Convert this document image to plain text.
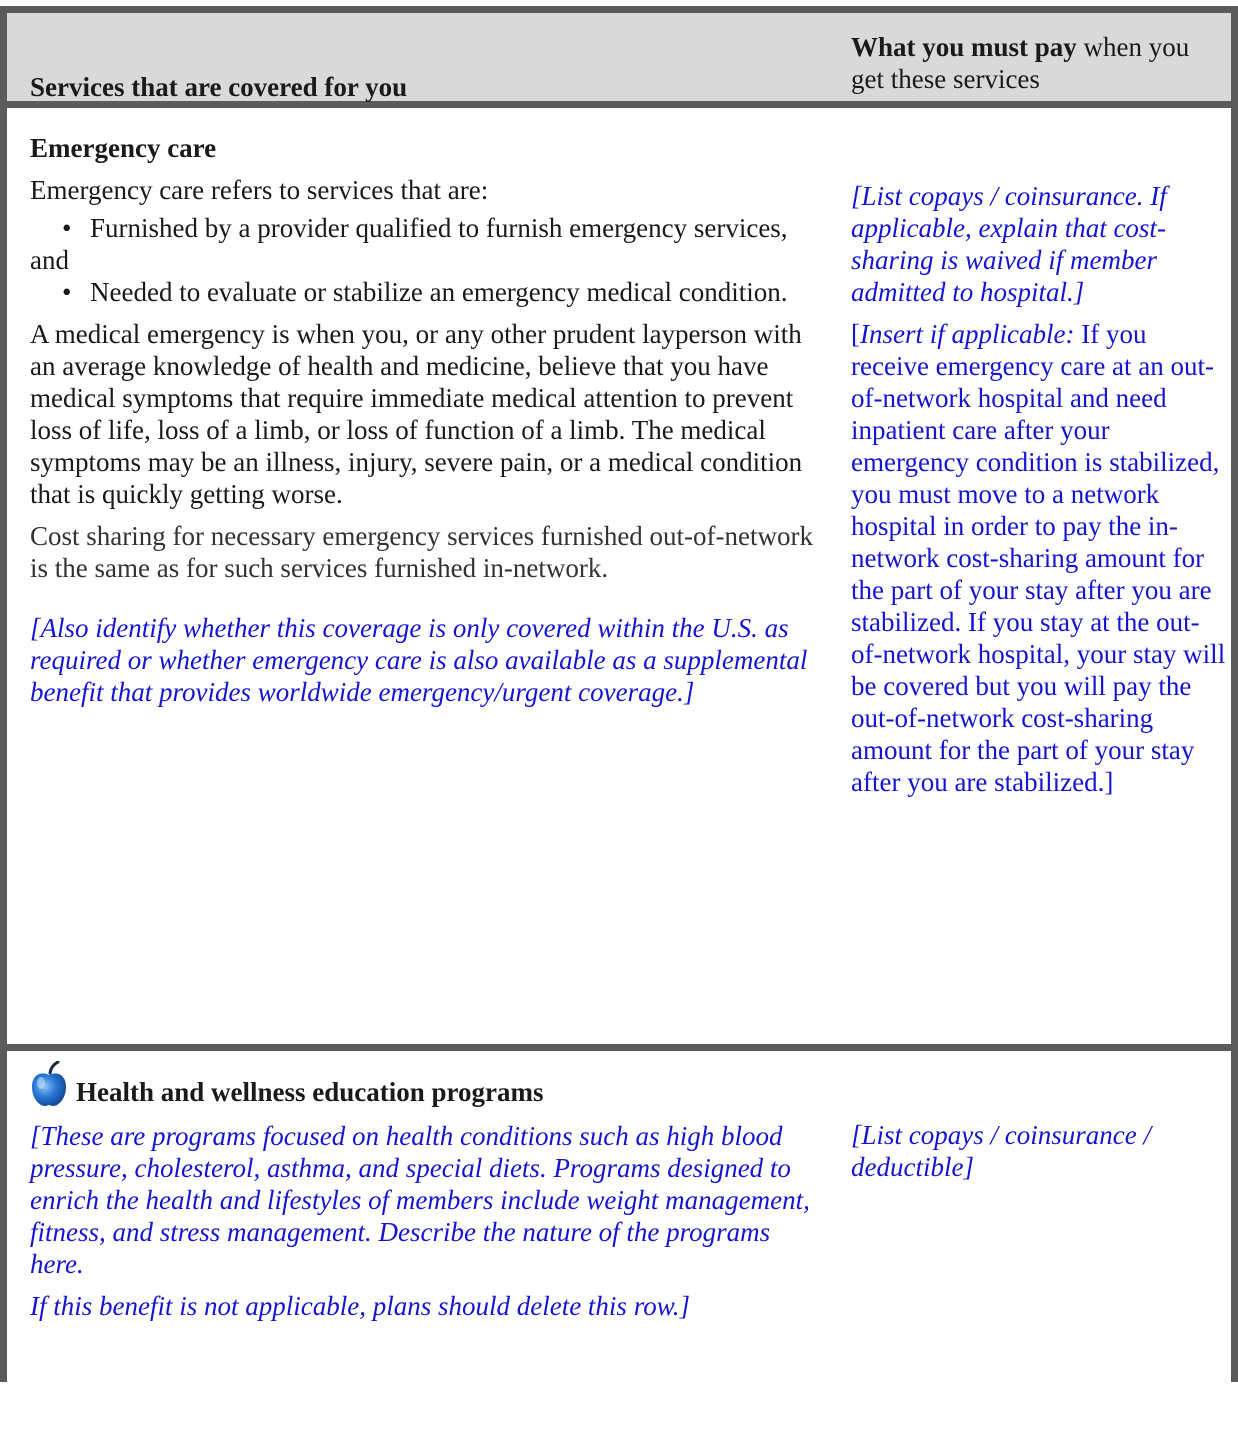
Services that are covered for you
What you must pay when you get these services

Emergency care

Emergency care refers to services that are:

• Furnished by a provider qualified to furnish emergency services, and

• Needed to evaluate or stabilize an emergency medical condition.

A medical emergency is when you, or any other prudent layperson with an average knowledge of health and medicine, believe that you have medical symptoms that require immediate medical attention to prevent loss of life, loss of a limb, or loss of function of a limb. The medical symptoms may be an illness, injury, severe pain, or a medical condition that is quickly getting worse.

Cost sharing for necessary emergency services furnished out-of-network is the same as for such services furnished in-network.

[Also identify whether this coverage is only covered within the U.S. as required or whether emergency care is also available as a supplemental benefit that provides worldwide emergency/urgent coverage.]

[List copays / coinsurance. If applicable, explain that cost-sharing is waived if member admitted to hospital.]

[Insert if applicable: If you receive emergency care at an out-of-network hospital and need inpatient care after your emergency condition is stabilized, you must move to a network hospital in order to pay the in-network cost-sharing amount for the part of your stay after you are stabilized. If you stay at the out-of-network hospital, your stay will be covered but you will pay the out-of-network cost-sharing amount for the part of your stay after you are stabilized.]

Health and wellness education programs

[These are programs focused on health conditions such as high blood pressure, cholesterol, asthma, and special diets. Programs designed to enrich the health and lifestyles of members include weight management, fitness, and stress management. Describe the nature of the programs here.

If this benefit is not applicable, plans should delete this row.]

[List copays / coinsurance / deductible]
